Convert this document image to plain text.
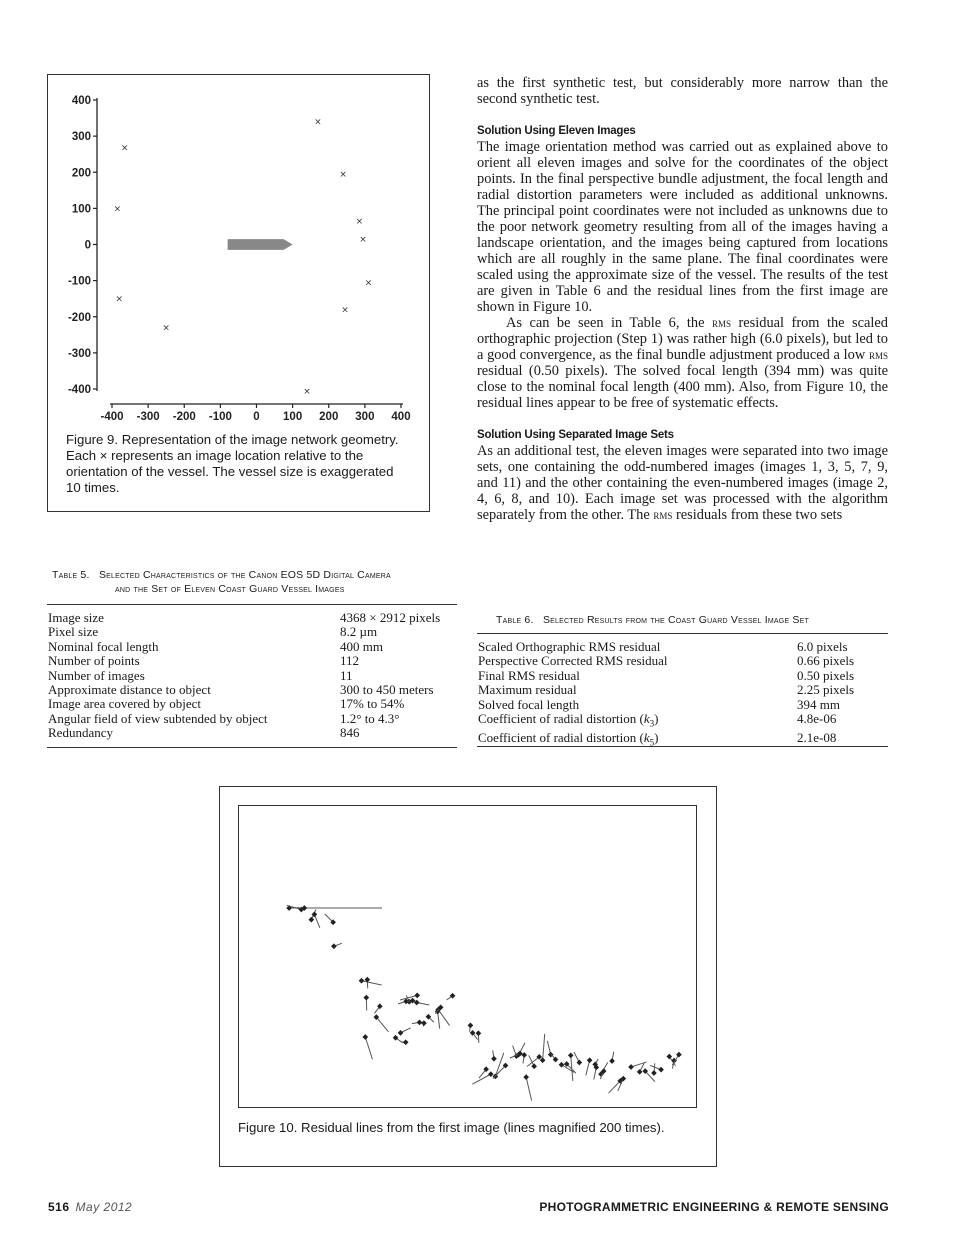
400
300
200
100
0
-100
-200
-300
-400
-400 -300 -200 -100 0 100 200 300 400
×
×
×
×
×
×
×
×
×
×
×
Figure 9. Representation of the image network geometry. Each × represents an image location relative to the orientation of the vessel. The vessel size is exaggerated 10 times.
Table 5. Selected Characteristics of the Canon EOS 5D Digital Camera
and the Set of Eleven Coast Guard Vessel Images
Image size	4368 × 2912 pixels
Pixel size	8.2 µm
Nominal focal length	400 mm
Number of points	112
Number of images	11
Approximate distance to object	300 to 450 meters
Image area covered by object	17% to 54%
Angular field of view subtended by object	1.2° to 4.3°
Redundancy	846

as the first synthetic test, but considerably more narrow than the second synthetic test.

Solution Using Eleven Images

The image orientation method was carried out as explained above to orient all eleven images and solve for the coordinates of the object points. In the final perspective bundle adjustment, the focal length and radial distortion parameters were included as additional unknowns. The principal point coordinates were not included as unknowns due to the poor network geometry resulting from all of the images having a landscape orientation, and the images being captured from locations which are all roughly in the same plane. The final coordinates were scaled using the approximate size of the vessel. The results of the test are given in Table 6 and the residual lines from the first image are shown in Figure 10.

As can be seen in Table 6, the rms residual from the scaled orthographic projection (Step 1) was rather high (6.0 pixels), but led to a good convergence, as the final bundle adjustment produced a low rms residual (0.50 pixels). The solved focal length (394 mm) was quite close to the nominal focal length (400 mm). Also, from Figure 10, the residual lines appear to be free of systematic effects.

Solution Using Separated Image Sets

As an additional test, the eleven images were separated into two image sets, one containing the odd-numbered images (images 1, 3, 5, 7, 9, and 11) and the other containing the even-numbered images (image 2, 4, 6, 8, and 10). Each image set was processed with the algorithm separately from the other. The rms residuals from these two sets

Table 6. Selected Results from the Coast Guard Vessel Image Set
Scaled Orthographic RMS residual	6.0 pixels
Perspective Corrected RMS residual	0.66 pixels
Final RMS residual	0.50 pixels
Maximum residual	2.25 pixels
Solved focal length	394 mm
Coefficient of radial distortion $(k_3)$	4.8e-06
Coefficient of radial distortion $(k_5)$	2.1e-08
Figure 10. Residual lines from the first image (lines magnified 200 times).
516 May 2012	PHOTOGRAMMETRIC ENGINEERING & REMOTE SENSING
